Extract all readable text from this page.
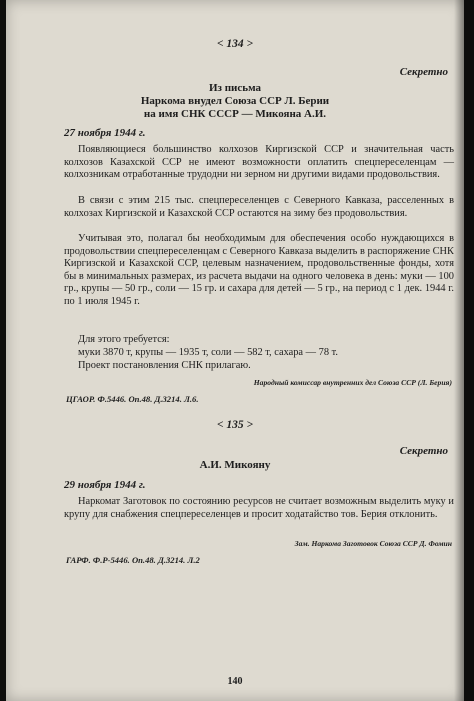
< 134 >
Секретно
Из письма
Наркома внудел Союза ССР Л. Берии
на имя СНК СССР — Микояна А.И.
27 ноября 1944 г.
Появляющиеся большинство колхозов Киргизской ССР и значительная часть колхозов Казахской ССР не имеют возможности оплатить спецпереселенцам — колхозникам отработанные трудодни ни зерном ни другими видами продовольствия.
В связи с этим 215 тыс. спецпереселенцев с Северного Кавказа, расселенных в колхозах Киргизской и Казахской ССР остаются на зиму без продовольствия.
Учитывая это, полагал бы необходимым для обеспечения особо нуждающихся в продовольствии спецпереселенцам с Северного Кавказа выделить в распоряжение СНК Киргизской и Казахской ССР, целевым назначением, продовольственные фонды, хотя бы в минимальных размерах, из расчета выдачи на одного человека в день: муки — 100 гр., крупы — 50 гр., соли — 15 гр. и сахара для детей — 5 гр., на период с 1 дек. 1944 г. по 1 июля 1945 г.
Для этого требуется:
муки 3870 т, крупы — 1935 т, соли — 582 т, сахара — 78 т.
Проект постановления СНК прилагаю.
Народный комиссар внутренних дел Союза ССР (Л. Берия)
ЦГАОР. Ф.5446. Оп.48. Д.3214. Л.6.
< 135 >
Секретно
А.И. Микояну
29 ноября 1944 г.
Наркомат Заготовок по состоянию ресурсов не считает возможным выделить муку и крупу для снабжения спецпереселенцев и просит ходатайство тов. Берия отклонить.
Зам. Наркома Заготовок Союза ССР Д. Фомин
ГАРФ. Ф.Р-5446. Оп.48. Д.3214. Л.2
140
